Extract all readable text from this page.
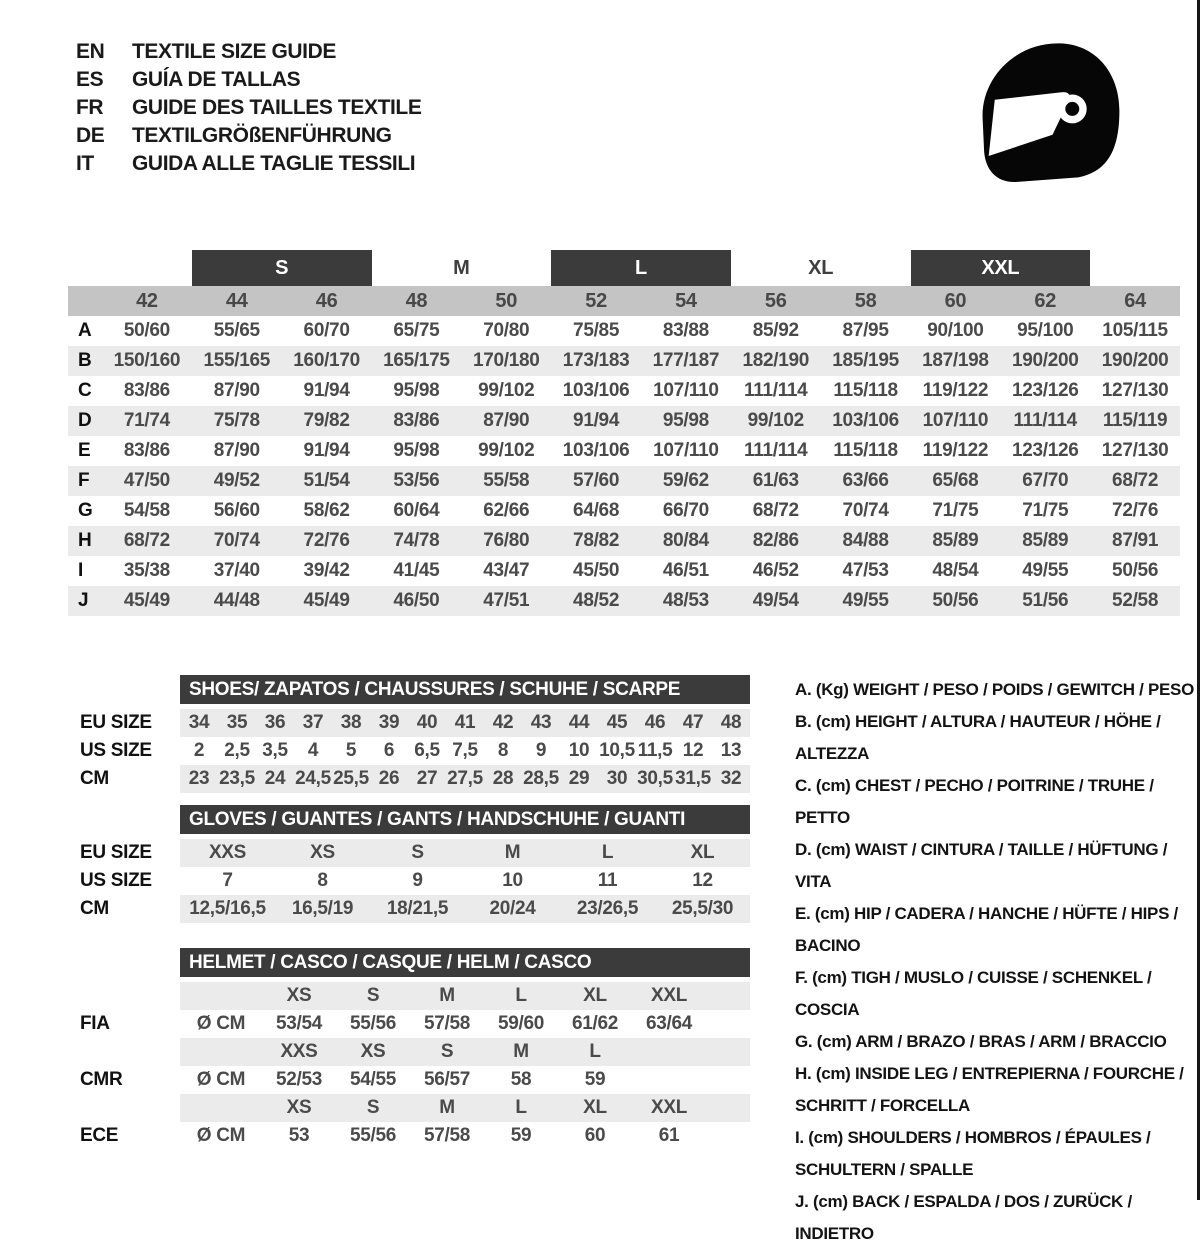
EN	TEXTILE SIZE GUIDE
ES	GUÍA DE TALLAS
FR	GUIDE DES TAILLES TEXTILE
DE	TEXTILGRÖßENFÜHRUNG
IT	GUIDA ALLE TAGLIE TESSILI
S	M	L	XL	XXL
42	44	46	48	50	52	54	56	58	60	62	64
A	50/60	55/65	60/70	65/75	70/80	75/85	83/88	85/92	87/95	90/100	95/100	105/115
B	150/160	155/165	160/170	165/175	170/180	173/183	177/187	182/190	185/195	187/198	190/200	190/200
C	83/86	87/90	91/94	95/98	99/102	103/106	107/110	111/114	115/118	119/122	123/126	127/130
D	71/74	75/78	79/82	83/86	87/90	91/94	95/98	99/102	103/106	107/110	111/114	115/119
E	83/86	87/90	91/94	95/98	99/102	103/106	107/110	111/114	115/118	119/122	123/126	127/130
F	47/50	49/52	51/54	53/56	55/58	57/60	59/62	61/63	63/66	65/68	67/70	68/72
G	54/58	56/60	58/62	60/64	62/66	64/68	66/70	68/72	70/74	71/75	71/75	72/76
H	68/72	70/74	72/76	74/78	76/80	78/82	80/84	82/86	84/88	85/89	85/89	87/91
I	35/38	37/40	39/42	41/45	43/47	45/50	46/51	46/52	47/53	48/54	49/55	50/56
J	45/49	44/48	45/49	46/50	47/51	48/52	48/53	49/54	49/55	50/56	51/56	52/58
SHOES/ ZAPATOS / CHAUSSURES / SCHUHE / SCARPE
EU SIZE	34 35 36 37 38 39 40 41 42 43 44 45 46 47 48
US SIZE	2	2,5 3,5	4	5	6	6,5 7,5	8	9	10 10,5 11,5 12 13
CM	23 23,5 24 24,5 25,5 26 27 27,5 28 28,5 29 30 30,5 31,5 32
GLOVES / GUANTES / GANTS / HANDSCHUHE / GUANTI
EU SIZE	XXS	XS	S	M	L	XL
US SIZE	7	8	9	10	11	12
CM	12,5/16,5	16,5/19	18/21,5	20/24	23/26,5	25,5/30
HELMET / CASCO / CASQUE / HELM / CASCO
XS	S	M	L	XL	XXL
FIA	Ø CM	53/54	55/56	57/58	59/60	61/62	63/64
XXS	XS	S	M	L
CMR	Ø CM	52/53	54/55	56/57	58	59
XS	S	M	L	XL	XXL
ECE	Ø CM	53	55/56	57/58	59	60	61
A. (Kg) WEIGHT / PESO / POIDS / GEWITCH / PESO
B. (cm) HEIGHT / ALTURA / HAUTEUR / HÖHE / ALTEZZA
C. (cm) CHEST / PECHO / POITRINE / TRUHE / PETTO
D. (cm) WAIST / CINTURA / TAILLE / HÜFTUNG / VITA
E. (cm) HIP / CADERA / HANCHE / HÜFTE / HIPS / BACINO
F. (cm) TIGH / MUSLO / CUISSE / SCHENKEL / COSCIA
G. (cm) ARM / BRAZO / BRAS / ARM / BRACCIO
H. (cm) INSIDE LEG / ENTREPIERNA / FOURCHE / SCHRITT / FORCELLA
I. (cm) SHOULDERS / HOMBROS / ÉPAULES / SCHULTERN / SPALLE
J. (cm) BACK / ESPALDA / DOS / ZURÜCK / INDIETRO
